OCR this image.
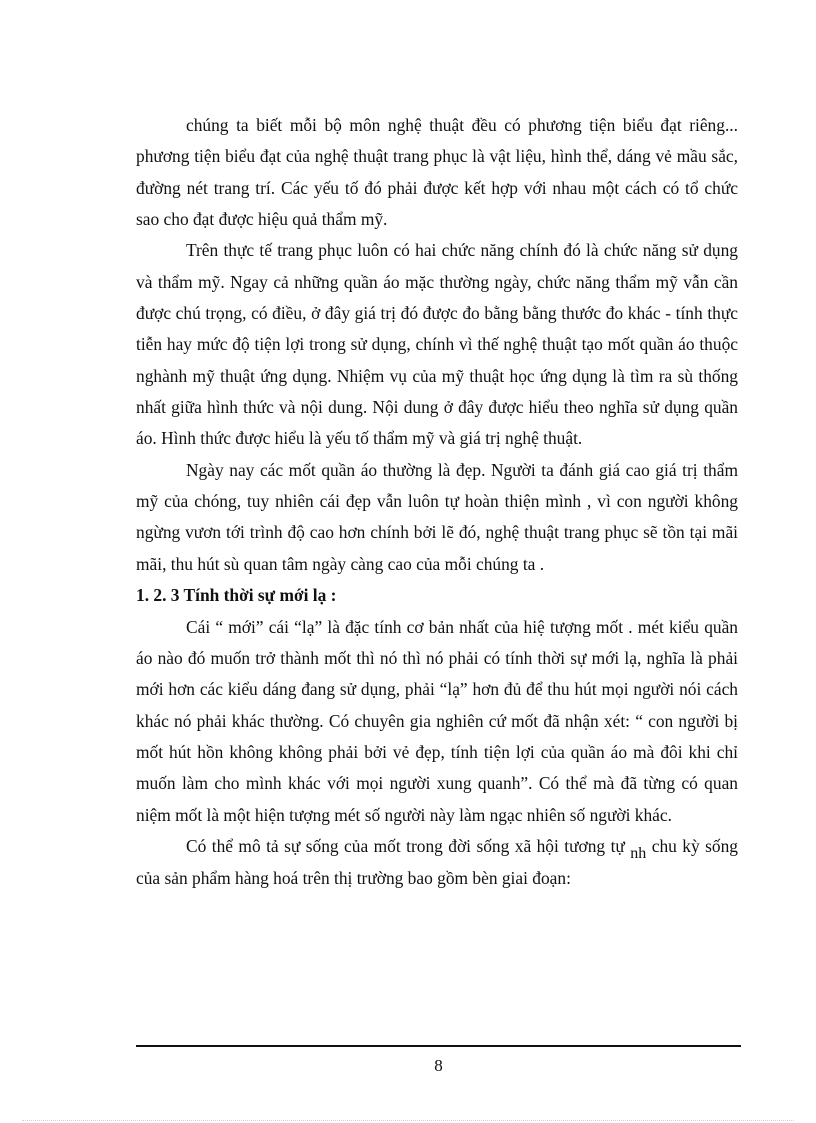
chúng ta biết mỗi bộ môn nghệ thuật đều có phương tiện biểu đạt riêng... phương tiện biểu đạt của nghệ thuật trang phục là vật liệu, hình thể, dáng vẻ mầu sắc, đường nét trang trí. Các yếu tố đó phải được kết hợp với nhau một cách có tổ chức sao cho đạt được hiệu quả thẩm mỹ.

Trên thực tế trang phục luôn có hai chức năng chính đó là chức năng sử dụng và thẩm mỹ. Ngay cả những quần áo mặc thường ngày, chức năng thẩm mỹ vẫn cần được chú trọng, có điều, ở đây giá trị đó được đo bằng bằng thước đo khác - tính thực tiễn hay mức độ tiện lợi trong sử dụng, chính vì thế nghệ thuật tạo mốt quần áo thuộc nghành mỹ thuật ứng dụng. Nhiệm vụ của mỹ thuật học ứng dụng là tìm ra sù thống nhất giữa hình thức và nội dung. Nội dung ở đây được hiểu theo nghĩa sử dụng quần áo. Hình thức được hiểu là yếu tố thẩm mỹ và giá trị nghệ thuật.

Ngày nay các mốt quần áo thường là đẹp. Người ta đánh giá cao giá trị thẩm mỹ của chóng, tuy nhiên cái đẹp vẫn luôn tự hoàn thiện mình , vì con người không ngừng vươn tới trình độ cao hơn chính bởi lẽ đó, nghệ thuật trang phục sẽ tồn tại mãi mãi, thu hút sù quan tâm ngày càng cao của mỗi chúng ta .

1. 2. 3 Tính thời sự mới lạ :

Cái “ mới” cái “lạ” là đặc tính cơ bản nhất của hiệ tượng mốt . mét kiểu quần áo nào đó muốn trở thành mốt thì nó thì nó phải có tính thời sự mới lạ, nghĩa là phải mới hơn các kiểu dáng đang sử dụng, phải “lạ” hơn đủ để thu hút mọi người nói cách khác nó phải khác thường. Có chuyên gia nghiên cứ mốt đã nhận xét: “ con người bị mốt hút hồn không không phải bởi vẻ đẹp, tính tiện lợi của quần áo mà đôi khi chỉ muốn làm cho mình khác với mọi người xung quanh”. Có thể mà đã từng có quan niệm mốt là một hiện tượng mét số người này làm ngạc nhiên số người khác.

Có thể mô tả sự sống của mốt trong đời sống xã hội tương tự nh chu kỳ sống của sản phẩm hàng hoá trên thị trường bao gồm bèn giai đoạn:

8
